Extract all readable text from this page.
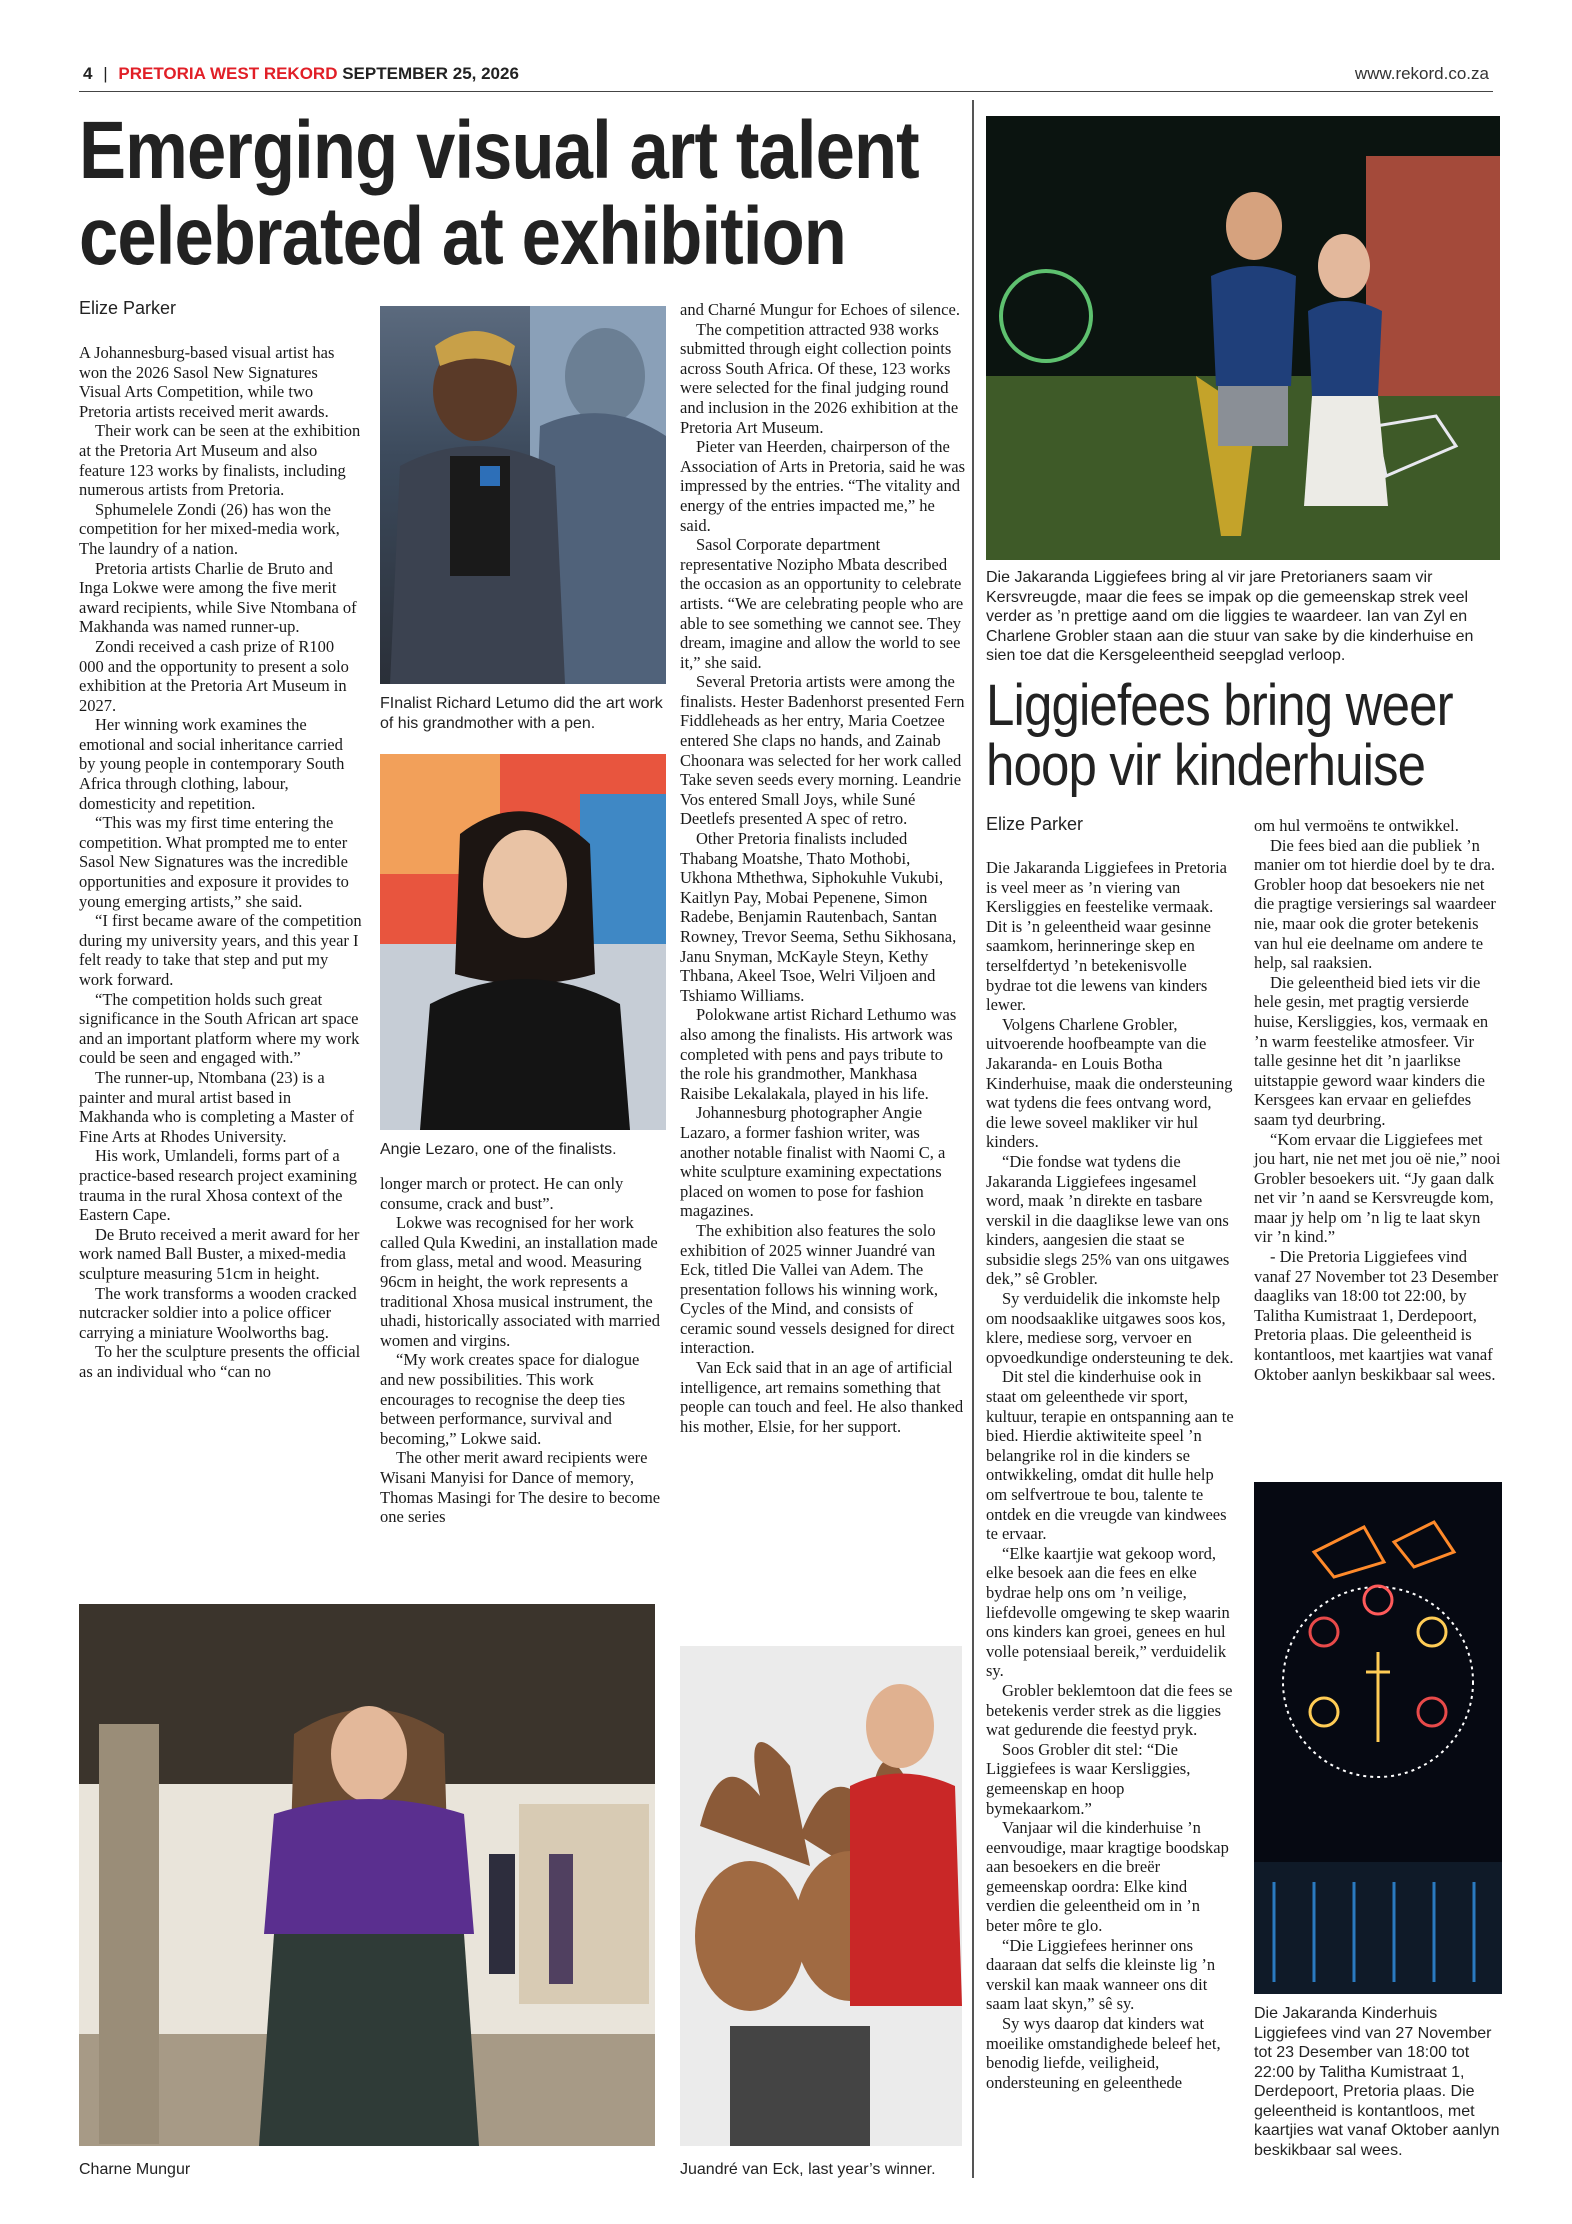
4 | PRETORIA WEST REKORD SEPTEMBER 25, 2026	www.rekord.co.za
Emerging visual art talent
celebrated at exhibition
Elize Parker

A Johannesburg-based visual artist has won the 2026 Sasol New Signatures Visual Arts Competition, while two Pretoria artists received merit awards.

Their work can be seen at the exhibition at the Pretoria Art Museum and also feature 123 works by finalists, including numerous artists from Pretoria.

Sphumelele Zondi (26) has won the competition for her mixed-media work, The laundry of a nation.

Pretoria artists Charlie de Bruto and Inga Lokwe were among the five merit award recipients, while Sive Ntombana of Makhanda was named runner-up.

Zondi received a cash prize of R100 000 and the opportunity to present a solo exhibition at the Pretoria Art Museum in 2027.

Her winning work examines the emotional and social inheritance carried by young people in contemporary South Africa through clothing, labour, domesticity and repetition.

“This was my first time entering the competition. What prompted me to enter Sasol New Signatures was the incredible opportunities and exposure it provides to young emerging artists,” she said.

“I first became aware of the competition during my university years, and this year I felt ready to take that step and put my work forward.

“The competition holds such great significance in the South African art space and an important platform where my work could be seen and engaged with.”

The runner-up, Ntombana (23) is a painter and mural artist based in Makhanda who is completing a Master of Fine Arts at Rhodes University.

His work, Umlandeli, forms part of a practice-based research project examining trauma in the rural Xhosa context of the Eastern Cape.

De Bruto received a merit award for her work named Ball Buster, a mixed-media sculpture measuring 51cm in height.

The work transforms a wooden cracked nutcracker soldier into a police officer carrying a miniature Woolworths bag.

To her the sculpture presents the official as an individual who “can no

FInalist Richard Letumo did the art work of his grandmother with a pen.
Angie Lezaro, one of the finalists.

longer march or protect. He can only consume, crack and bust”.

Lokwe was recognised for her work called Qula Kwedini, an installation made from glass, metal and wood. Measuring 96cm in height, the work represents a traditional Xhosa musical instrument, the uhadi, historically associated with married women and virgins.

“My work creates space for dialogue and new possibilities. This work encourages to recognise the deep ties between performance, survival and becoming,” Lokwe said.

The other merit award recipients were Wisani Manyisi for Dance of memory, Thomas Masingi for The desire to become one series

and Charné Mungur for Echoes of silence.

The competition attracted 938 works submitted through eight collection points across South Africa. Of these, 123 works were selected for the final judging round and inclusion in the 2026 exhibition at the Pretoria Art Museum.

Pieter van Heerden, chairperson of the Association of Arts in Pretoria, said he was impressed by the entries. “The vitality and energy of the entries impacted me,” he said.

Sasol Corporate department representative Nozipho Mbata described the occasion as an opportunity to celebrate artists. “We are celebrating people who are able to see something we cannot see. They dream, imagine and allow the world to see it,” she said.

Several Pretoria artists were among the finalists. Hester Badenhorst presented Fern Fiddleheads as her entry, Maria Coetzee entered She claps no hands, and Zainab Choonara was selected for her work called Take seven seeds every morning. Leandrie Vos entered Small Joys, while Suné Deetlefs presented A spec of retro.

Other Pretoria finalists included Thabang Moatshe, Thato Mothobi, Ukhona Mthethwa, Siphokuhle Vukubi, Kaitlyn Pay, Mobai Pepenene, Simon Radebe, Benjamin Rautenbach, Santan Rowney, Trevor Seema, Sethu Sikhosana, Janu Snyman, McKayle Steyn, Kethy Thbana, Akeel Tsoe, Welri Viljoen and Tshiamo Williams.

Polokwane artist Richard Lethumo was also among the finalists. His artwork was completed with pens and pays tribute to the role his grandmother, Mankhasa Raisibe Lekalakala, played in his life.

Johannesburg photographer Angie Lazaro, a former fashion writer, was another notable finalist with Naomi C, a white sculpture examining expectations placed on women to pose for fashion magazines.

The exhibition also features the solo exhibition of 2025 winner Juandré van Eck, titled Die Vallei van Adem. The presentation follows his winning work, Cycles of the Mind, and consists of ceramic sound vessels designed for direct interaction.

Van Eck said that in an age of artificial intelligence, art remains something that people can touch and feel. He also thanked his mother, Elsie, for her support.

Charne Mungur	Juandré van Eck, last year’s winner.
Die Jakaranda Liggiefees bring al vir jare Pretorianers saam vir Kersvreugde, maar die fees se impak op die gemeenskap strek veel verder as ’n prettige aand om die liggies te waardeer. Ian van Zyl en Charlene Grobler staan aan die stuur van sake by die kinderhuise en sien toe dat die Kersgeleentheid seepglad verloop.
Liggiefees bring weer
hoop vir kinderhuise
Elize Parker

Die Jakaranda Liggiefees in Pretoria is veel meer as ’n viering van Kersliggies en feestelike vermaak. Dit is ’n geleentheid waar gesinne saamkom, herinneringe skep en terselfdertyd ’n betekenisvolle bydrae tot die lewens van kinders lewer.

Volgens Charlene Grobler, uitvoerende hoofbeampte van die Jakaranda- en Louis Botha Kinderhuise, maak die ondersteuning wat tydens die fees ontvang word, die lewe soveel makliker vir hul kinders.

“Die fondse wat tydens die Jakaranda Liggiefees ingesamel word, maak ’n direkte en tasbare verskil in die daaglikse lewe van ons kinders, aangesien die staat se subsidie slegs 25% van ons uitgawes dek,” sê Grobler.

Sy verduidelik die inkomste help om noodsaaklike uitgawes soos kos, klere, mediese sorg, vervoer en opvoedkundige ondersteuning te dek.

Dit stel die kinderhuise ook in staat om geleenthede vir sport, kultuur, terapie en ontspanning aan te bied. Hierdie aktiwiteite speel ’n belangrike rol in die kinders se ontwikkeling, omdat dit hulle help om selfvertroue te bou, talente te ontdek en die vreugde van kindwees te ervaar.

“Elke kaartjie wat gekoop word, elke besoek aan die fees en elke bydrae help ons om ’n veilige, liefdevolle omgewing te skep waarin ons kinders kan groei, genees en hul volle potensiaal bereik,” verduidelik sy.

Grobler beklemtoon dat die fees se betekenis verder strek as die liggies wat gedurende die feestyd pryk.

Soos Grobler dit stel: “Die Liggiefees is waar Kersliggies, gemeenskap en hoop bymekaarkom.”

Vanjaar wil die kinderhuise ’n eenvoudige, maar kragtige boodskap aan besoekers en die breër gemeenskap oordra: Elke kind verdien die geleentheid om in ’n beter môre te glo.

“Die Liggiefees herinner ons daaraan dat selfs die kleinste lig ’n verskil kan maak wanneer ons dit saam laat skyn,” sê sy.

Sy wys daarop dat kinders wat moeilike omstandighede beleef het, benodig liefde, veiligheid, ondersteuning en geleenthede

om hul vermoëns te ontwikkel.

Die fees bied aan die publiek ’n manier om tot hierdie doel by te dra. Grobler hoop dat besoekers nie net die pragtige versierings sal waardeer nie, maar ook die groter betekenis van hul eie deelname om andere te help, sal raaksien.

Die geleentheid bied iets vir die hele gesin, met pragtig versierde huise, Kersliggies, kos, vermaak en ’n warm feestelike atmosfeer. Vir talle gesinne het dit ’n jaarlikse uitstappie geword waar kinders die Kersgees kan ervaar en geliefdes saam tyd deurbring.

“Kom ervaar die Liggiefees met jou hart, nie net met jou oë nie,” nooi Grobler besoekers uit. “Jy gaan dalk net vir ’n aand se Kersvreugde kom, maar jy help om ’n lig te laat skyn vir ’n kind.”

- Die Pretoria Liggiefees vind vanaf 27 November tot 23 Desember daagliks van 18:00 tot 22:00, by Talitha Kumistraat 1, Derdepoort, Pretoria plaas. Die geleentheid is kontantloos, met kaartjies wat vanaf Oktober aanlyn beskikbaar sal wees.

Die Jakaranda Kinderhuis Liggiefees vind van 27 November tot 23 Desember van 18:00 tot 22:00 by Talitha Kumistraat 1, Derdepoort, Pretoria plaas. Die geleentheid is kontantloos, met kaartjies wat vanaf Oktober aanlyn beskikbaar sal wees.
